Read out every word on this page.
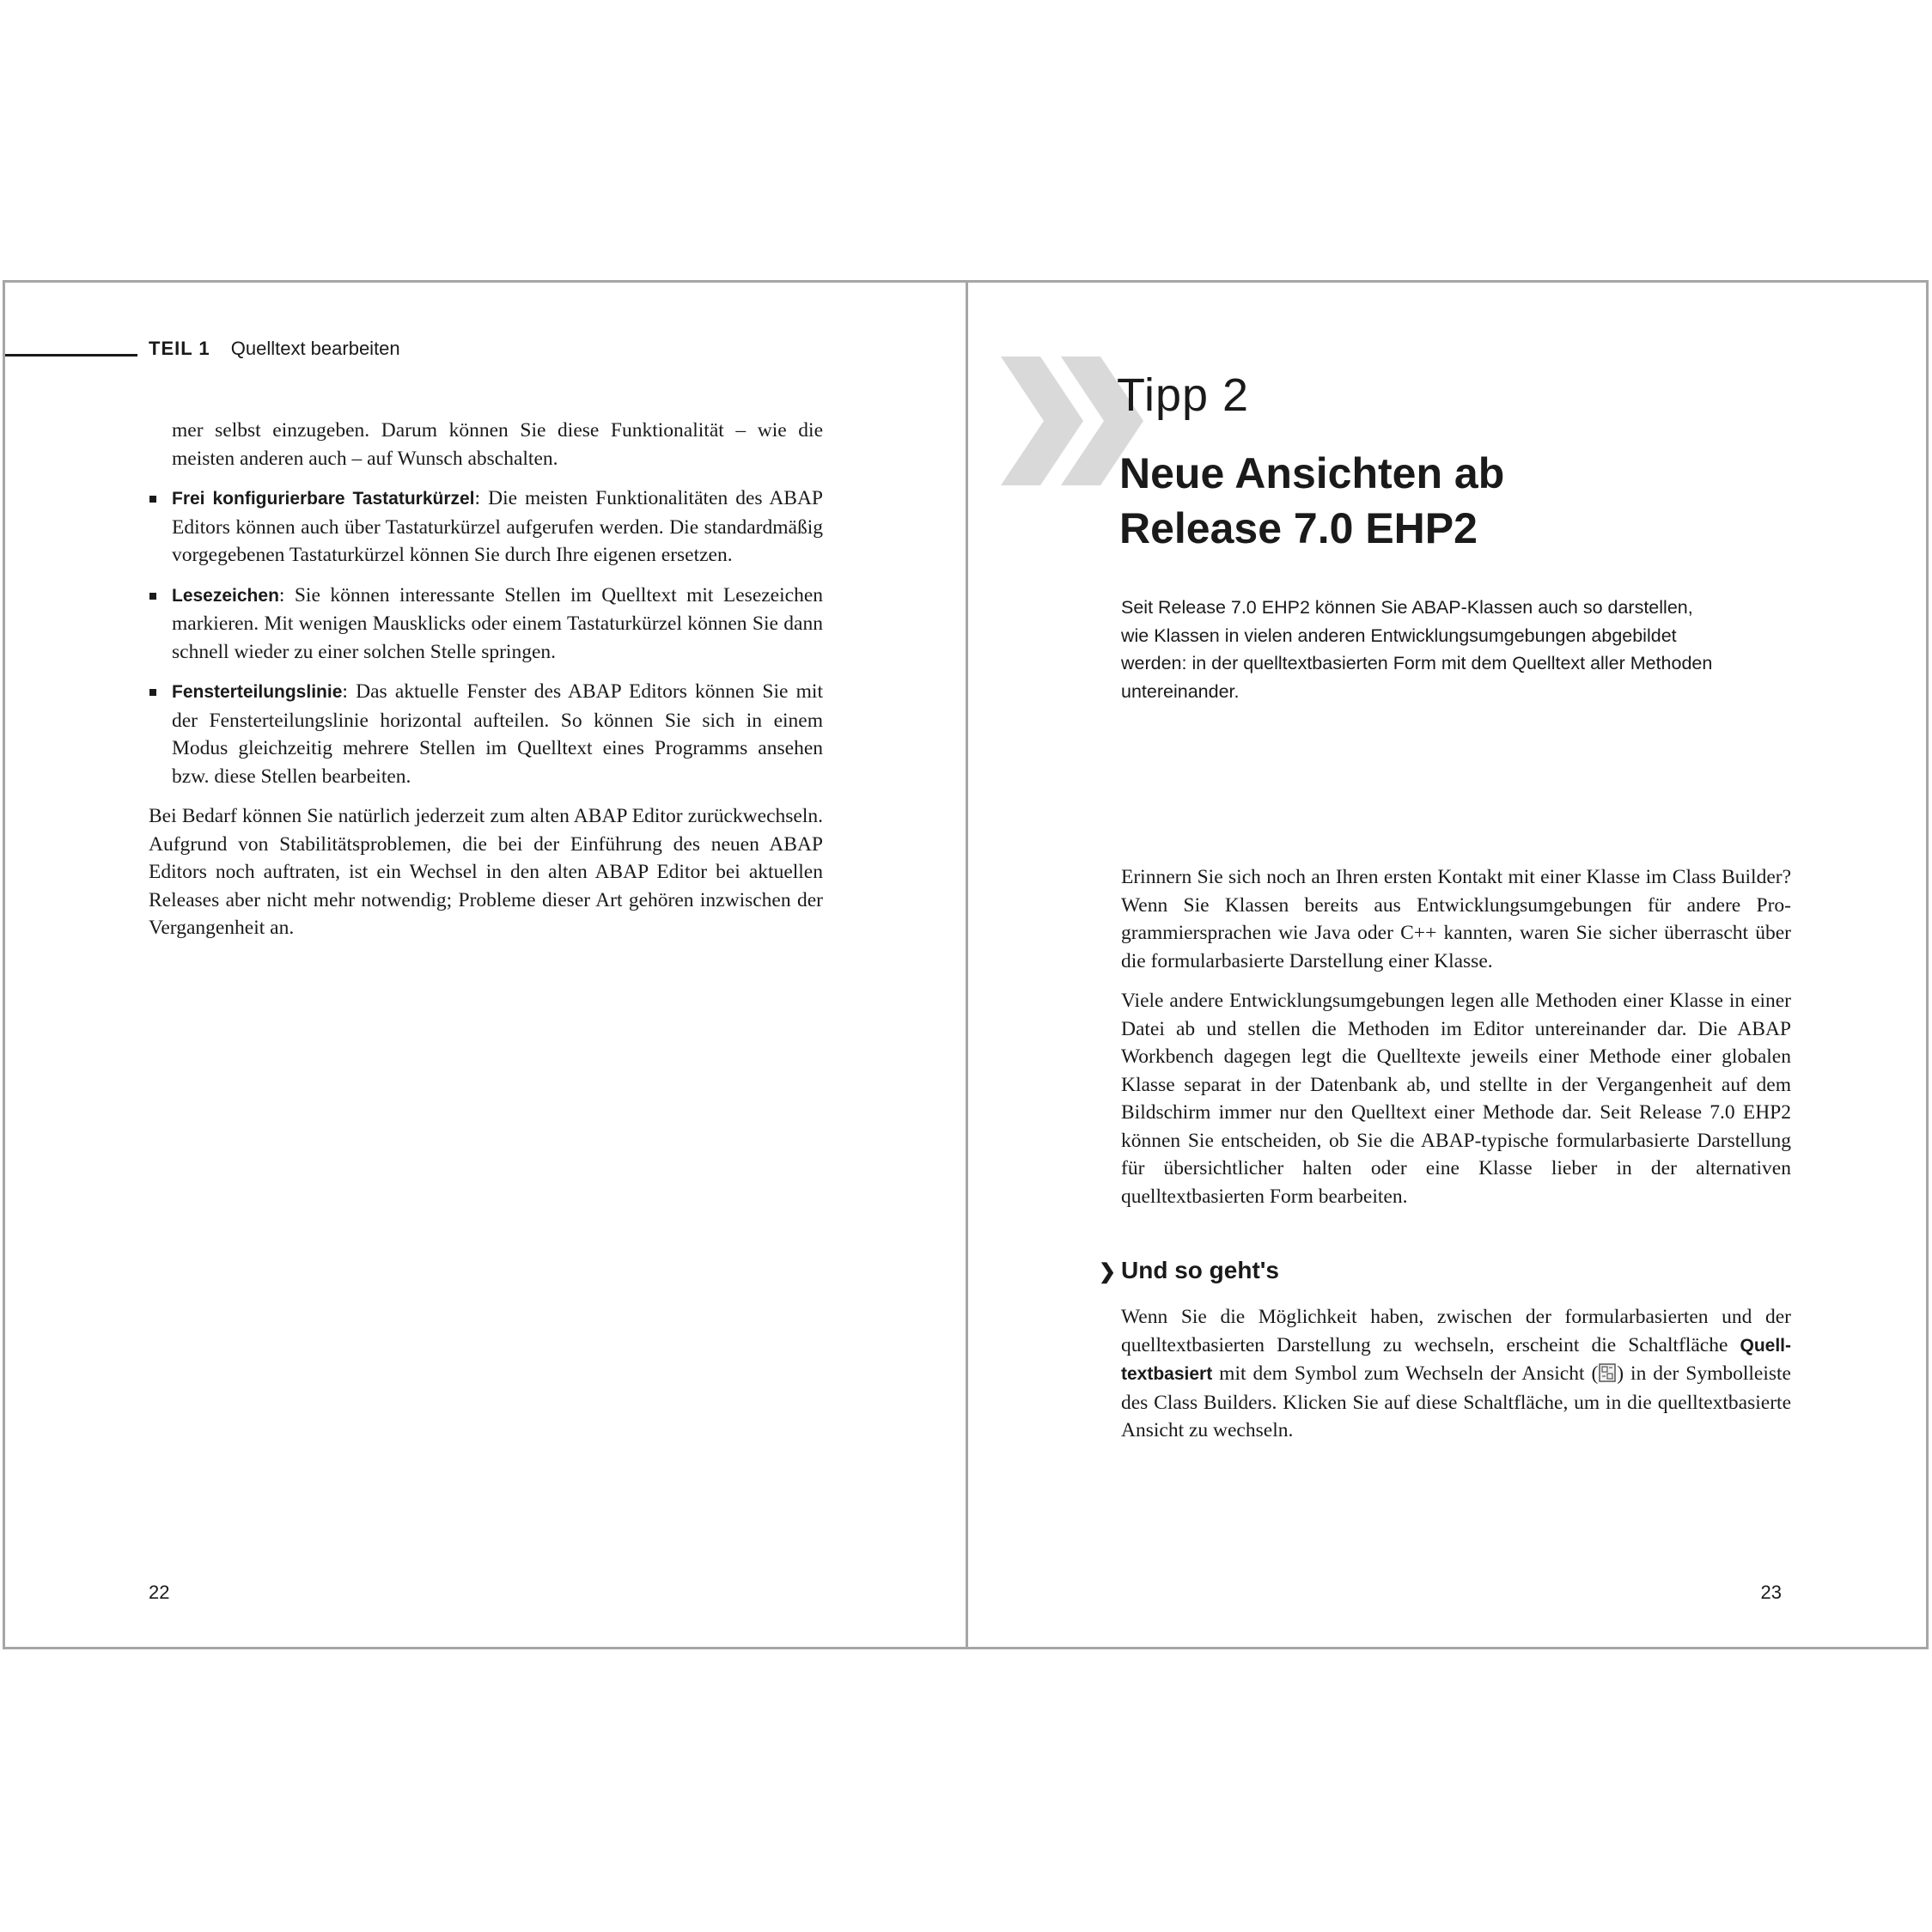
TEIL 1 Quelltext bearbeiten

mer selbst einzugeben. Darum können Sie diese Funktionalität – wie die meisten anderen auch – auf Wunsch abschalten.

Frei konfigurierbare Tastaturkürzel: Die meisten Funktionalitäten des ABAP Editors können auch über Tastaturkürzel aufgerufen werden. Die standardmäßig vorgegebenen Tastaturkürzel können Sie durch Ihre eigenen ersetzen.
Lesezeichen: Sie können interessante Stellen im Quelltext mit Lesezeichen markieren. Mit wenigen Mausklicks oder einem Tastaturkürzel können Sie dann schnell wieder zu einer solchen Stelle springen.
Fensterteilungslinie: Das aktuelle Fenster des ABAP Editors können Sie mit der Fensterteilungslinie horizontal aufteilen. So können Sie sich in einem Modus gleichzeitig mehrere Stellen im Quelltext eines Programms ansehen bzw. diese Stellen bearbeiten.

Bei Bedarf können Sie natürlich jederzeit zum alten ABAP Editor zurückwechseln. Aufgrund von Stabilitätsproblemen, die bei der Einführung des neuen ABAP Editors noch auftraten, ist ein Wechsel in den alten ABAP Editor bei aktuellen Releases aber nicht mehr notwendig; Probleme dieser Art gehören inzwischen der Vergangenheit an.

22
Tipp 2
Neue Ansichten ab
Release 7.0 EHP2
Seit Release 7.0 EHP2 können Sie ABAP-Klassen auch so darstellen, wie Klassen in vielen anderen Entwicklungsumgebungen abgebildet werden: in der quelltextbasierten Form mit dem Quelltext aller Methoden untereinander.

Erinnern Sie sich noch an Ihren ersten Kontakt mit einer Klasse im Class Builder? Wenn Sie Klassen bereits aus Entwicklungsumgebungen für andere Programmiersprachen wie Java oder C++ kannten, waren Sie sicher überrascht über die formularbasierte Darstellung einer Klasse.

Viele andere Entwicklungsumgebungen legen alle Methoden einer Klasse in einer Datei ab und stellen die Methoden im Editor untereinander dar. Die ABAP Workbench dagegen legt die Quelltexte jeweils einer Methode einer globalen Klasse separat in der Datenbank ab, und stellte in der Vergangenheit auf dem Bildschirm immer nur den Quelltext einer Methode dar. Seit Release 7.0 EHP2 können Sie entscheiden, ob Sie die ABAP-typische formularbasierte Darstellung für übersichtlicher halten oder eine Klasse lieber in der alternativen quelltextbasierten Form bearbeiten.

❯ Und so geht's

Wenn Sie die Möglichkeit haben, zwischen der formularbasierten und der quelltextbasierten Darstellung zu wechseln, erscheint die Schaltfläche Quelltextbasiert mit dem Symbol zum Wechseln der Ansicht ( ) in der Symbolleiste des Class Builders. Klicken Sie auf diese Schaltfläche, um in die quelltextbasierte Ansicht zu wechseln.

23
